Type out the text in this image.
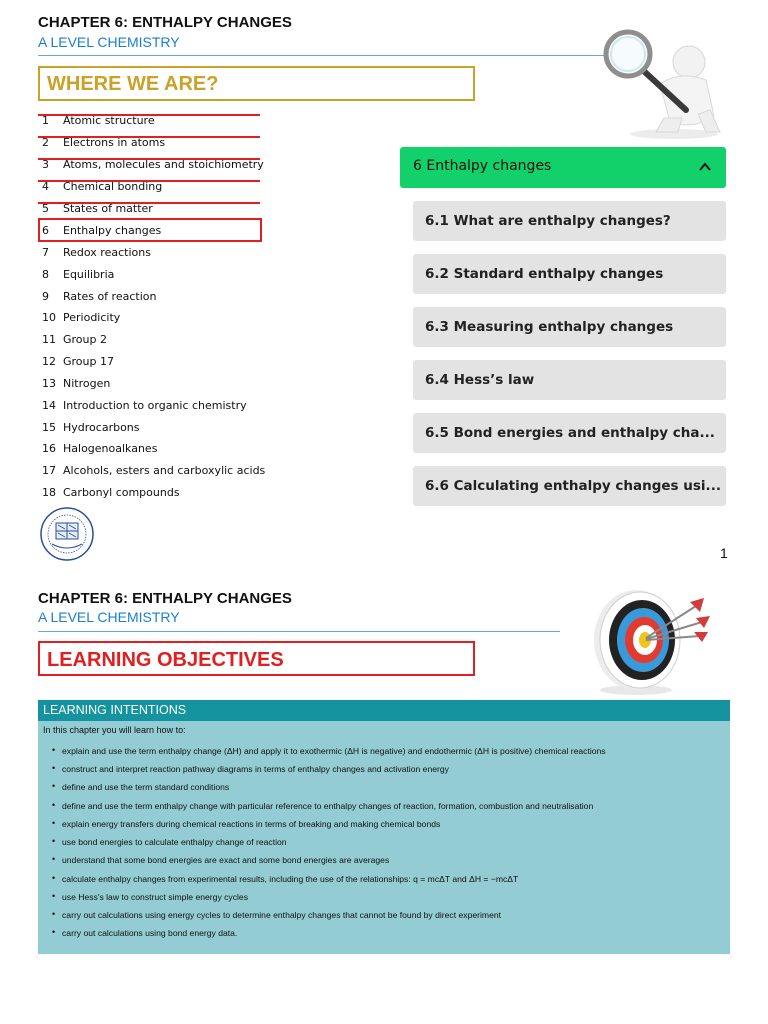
CHAPTER 6: ENTHALPY CHANGES
A LEVEL CHEMISTRY
WHERE WE ARE?
1	Atomic structure
2	Electrons in atoms
3	Atoms, molecules and stoichiometry
4	Chemical bonding
5	States of matter
6	Enthalpy changes
7	Redox reactions
8	Equilibria
9	Rates of reaction
10 Periodicity
11 Group 2
12 Group 17
13 Nitrogen
14 Introduction to organic chemistry
15 Hydrocarbons
16 Halogenoalkanes
17 Alcohols, esters and carboxylic acids
18 Carbonyl compounds
6 Enthalpy changes
6.1 What are enthalpy changes?
6.2 Standard enthalpy changes
6.3 Measuring enthalpy changes
6.4 Hess’s law
6.5 Bond energies and enthalpy cha...
6.6 Calculating enthalpy changes usi...
1
CHAPTER 6: ENTHALPY CHANGES
A LEVEL CHEMISTRY
LEARNING OBJECTIVES
LEARNING INTENTIONS
In this chapter you will learn how to:
explain and use the term enthalpy change (ΔH) and apply it to exothermic (ΔH is negative) and endothermic (ΔH is positive) chemical reactions
construct and interpret reaction pathway diagrams in terms of enthalpy changes and activation energy
define and use the term standard conditions
define and use the term enthalpy change with particular reference to enthalpy changes of reaction, formation, combustion and neutralisation
explain energy transfers during chemical reactions in terms of breaking and making chemical bonds
use bond energies to calculate enthalpy change of reaction
understand that some bond energies are exact and some bond energies are averages
calculate enthalpy changes from experimental results, including the use of the relationships: q = mcΔT and ΔH = −mcΔT
use Hess's law to construct simple energy cycles
carry out calculations using energy cycles to determine enthalpy changes that cannot be found by direct experiment
carry out calculations using bond energy data.
